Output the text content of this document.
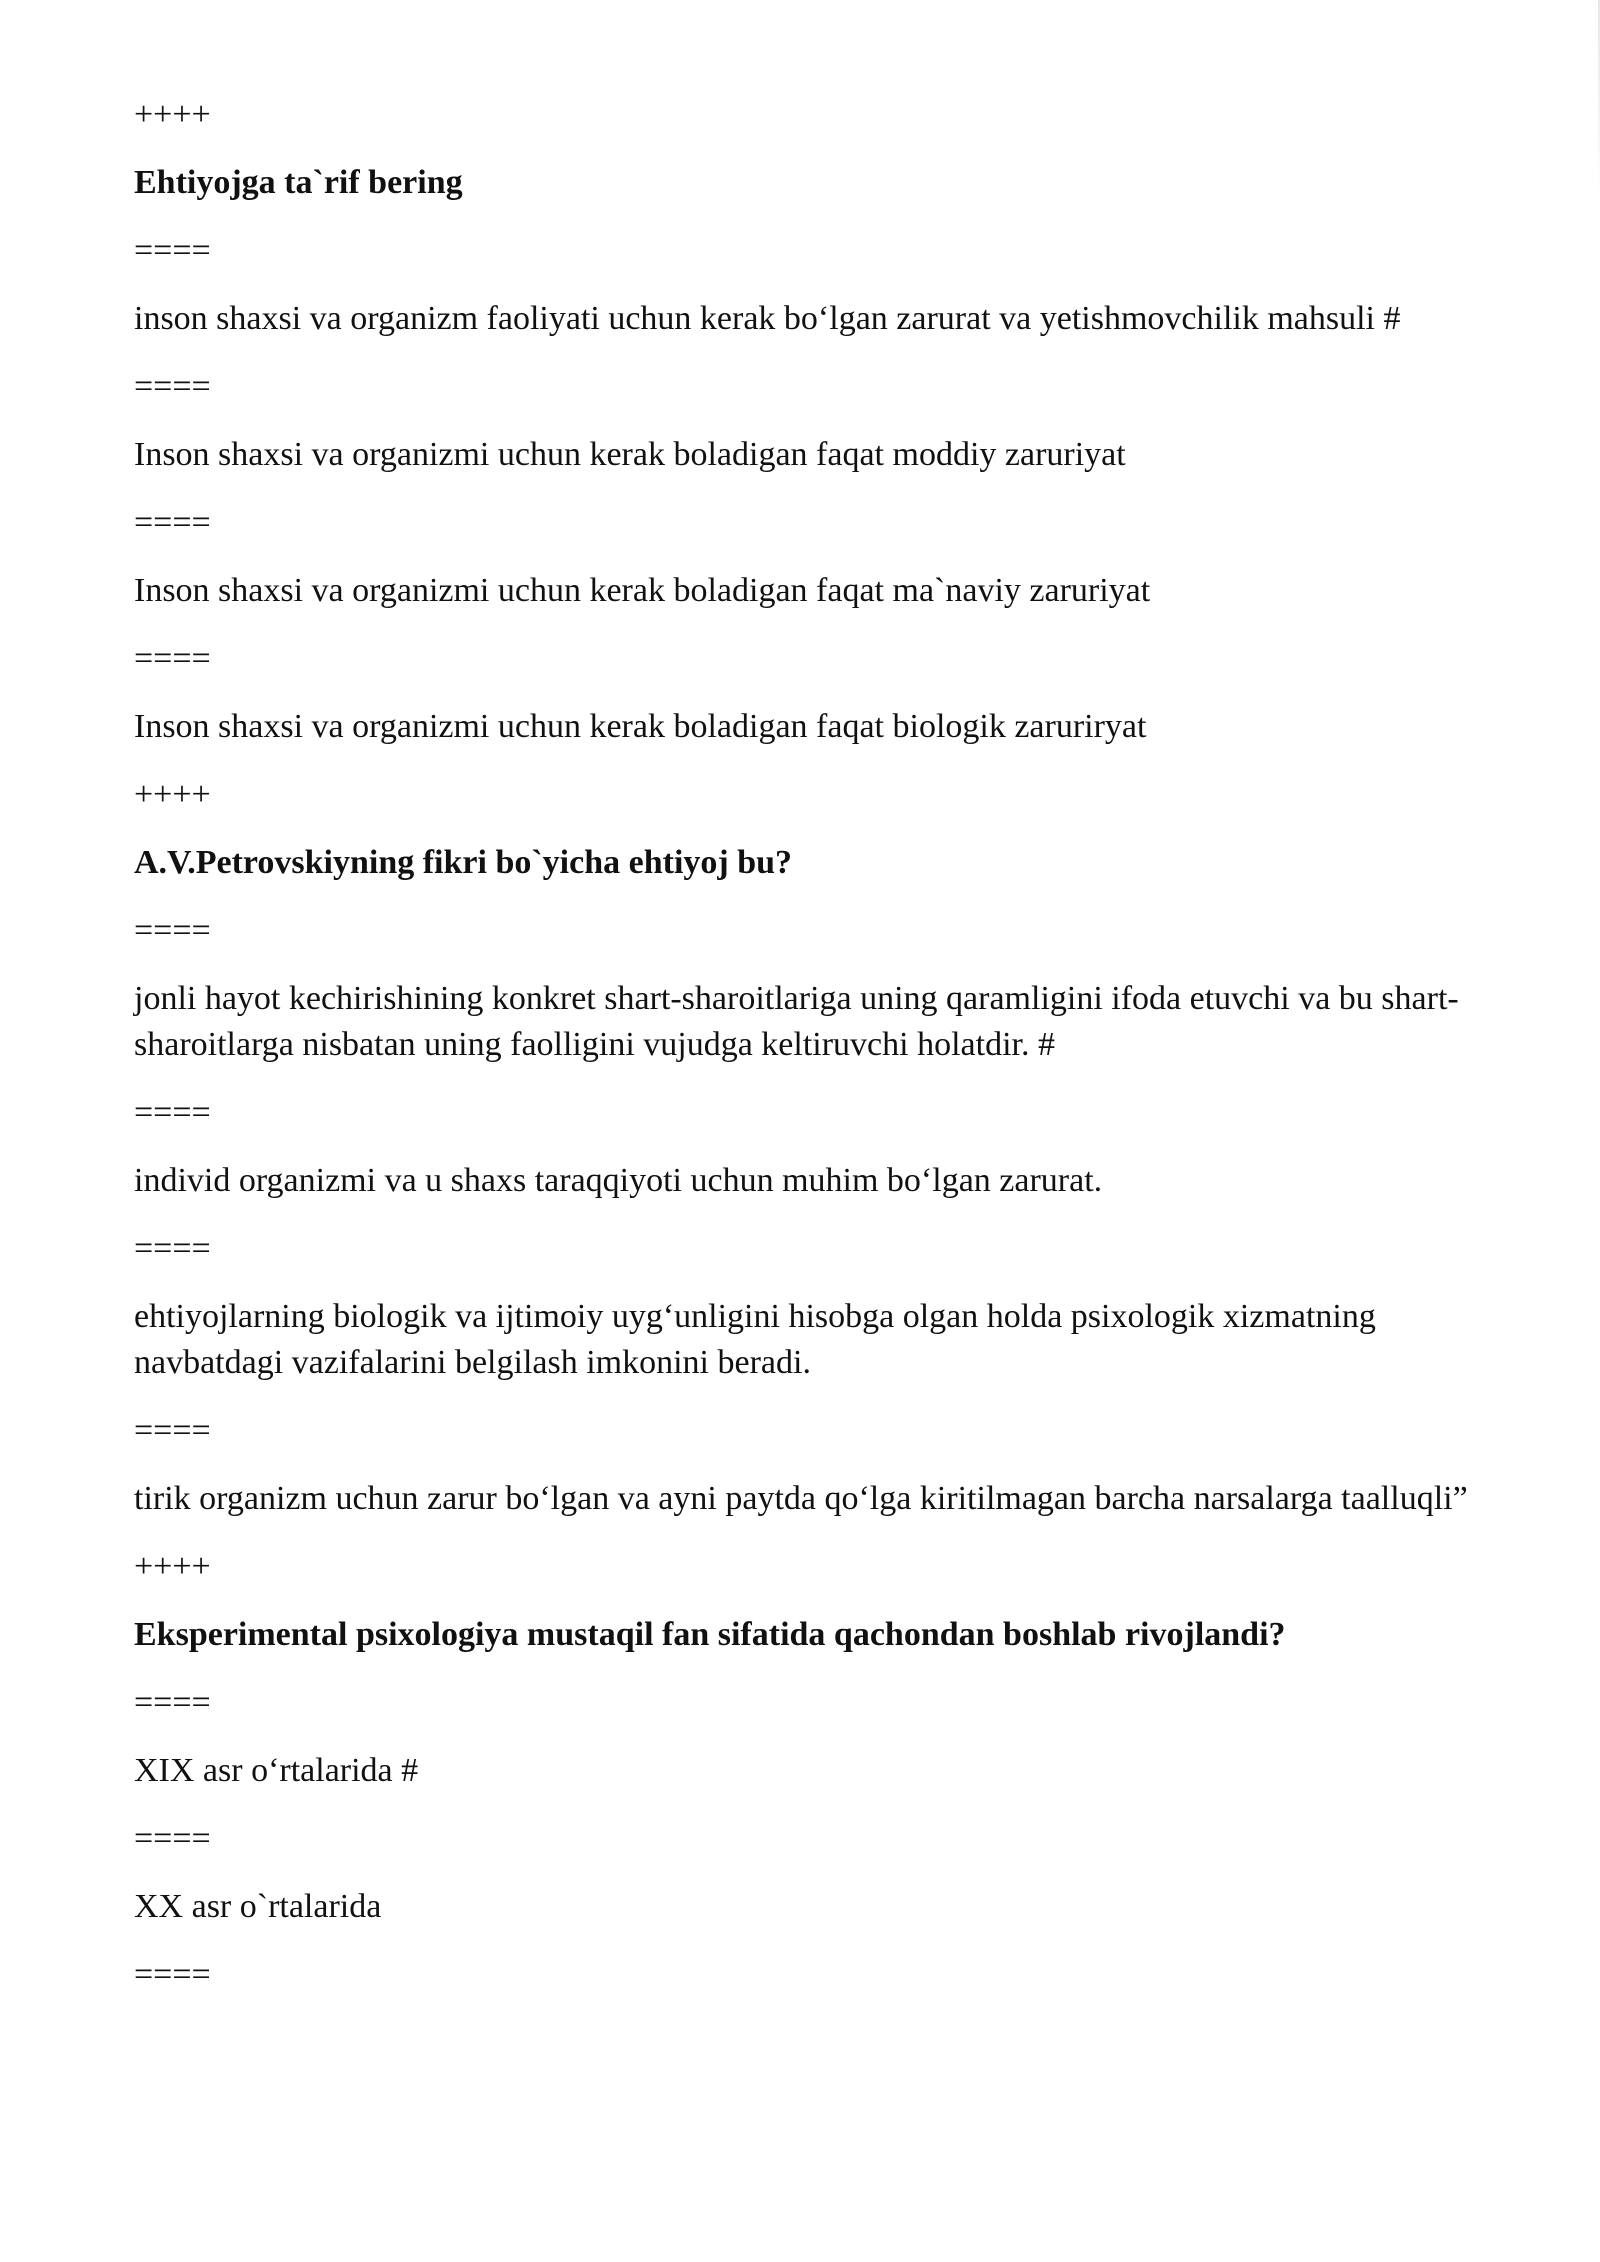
++++

Ehtiyojga ta`rif bering

====

inson shaxsi va organizm faoliyati uchun kerak bo‘lgan zarurat va yetishmovchilik mahsuli #

====

Inson shaxsi va organizmi uchun kerak boladigan faqat moddiy zaruriyat

====

Inson shaxsi va organizmi uchun kerak boladigan faqat ma`naviy zaruriyat

====

Inson shaxsi va organizmi uchun kerak boladigan faqat biologik zaruriryat

++++

A.V.Petrovskiyning fikri bo`yicha ehtiyoj bu?

====

jonli hayot kechirishining konkret shart-sharoitlariga uning qaramligini ifoda etuvchi va bu shart-sharoitlarga nisbatan uning faolligini vujudga keltiruvchi holatdir. #

====

individ organizmi va u shaxs taraqqiyoti uchun muhim bo‘lgan zarurat.

====

ehtiyojlarning biologik va ijtimoiy uyg‘unligini hisobga olgan holda psixologik xizmatning navbatdagi vazifalarini belgilash imkonini beradi.

====

tirik organizm uchun zarur bo‘lgan va ayni paytda qo‘lga kiritilmagan barcha narsalarga taalluqli”

++++

Eksperimental psixologiya mustaqil fan sifatida qachondan boshlab rivojlandi?

====

XIX asr o‘rtalarida #

====

XX asr o`rtalarida

====
